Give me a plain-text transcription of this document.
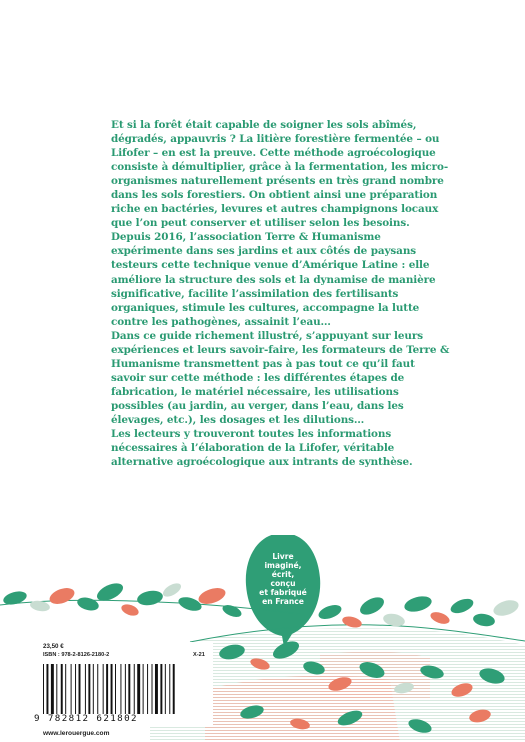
Et si la forêt était capable de soigner les sols abîmés, dégradés, appauvris ? La litière forestière fermentée – ou Lifofer – en est la preuve. Cette méthode agroécologique consiste à démultiplier, grâce à la fermentation, les micro-organismes naturellement présents en très grand nombre dans les sols forestiers. On obtient ainsi une préparation riche en bactéries, levures et autres champignons locaux que l’on peut conserver et utiliser selon les besoins.

Depuis 2016, l’association Terre & Humanisme expérimente dans ses jardins et aux côtés de paysans testeurs cette technique venue d’Amérique Latine : elle améliore la structure des sols et la dynamise de manière significative, facilite l’assimilation des fertilisants organiques, stimule les cultures, accompagne la lutte contre les pathogènes, assainit l’eau…

Dans ce guide richement illustré, s’appuyant sur leurs expériences et leurs savoir-faire, les formateurs de Terre & Humanisme transmettent pas à pas tout ce qu’il faut savoir sur cette méthode : les différentes étapes de fabrication, le matériel nécessaire, les utilisations possibles (au jardin, au verger, dans l’eau, dans les élevages, etc.), les dosages et les dilutions…

Les lecteurs y trouveront toutes les informations nécessaires à l’élaboration de la Lifofer, véritable alternative agroécologique aux intrants de synthèse.

Livre
imaginé,
écrit,
conçu
et fabriqué
en France
23,50 €
ISBN : 978-2-8126-2180-2	X-21
9 782812 621802
www.lerouergue.com
